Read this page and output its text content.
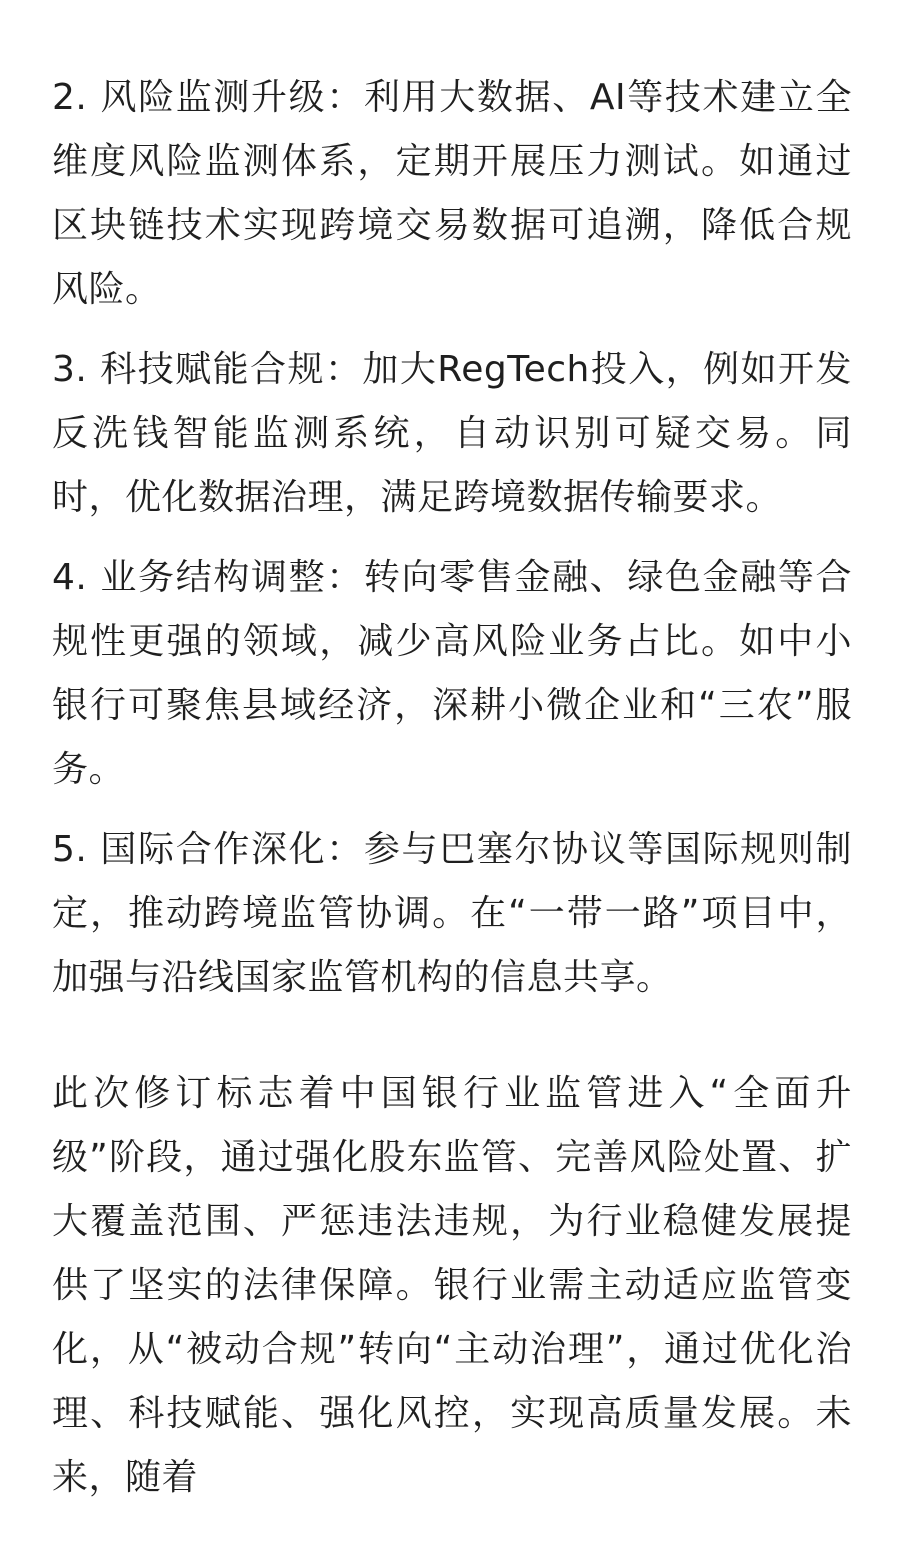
2. 风险监测升级：利用大数据、AI等技术建立全维度风险监测体系，定期开展压力测试。如通过区块链技术实现跨境交易数据可追溯，降低合规风险。

3. 科技赋能合规：加大RegTech投入，例如开发反洗钱智能监测系统，自动识别可疑交易。同时，优化数据治理，满足跨境数据传输要求。

4. 业务结构调整：转向零售金融、绿色金融等合规性更强的领域，减少高风险业务占比。如中小银行可聚焦县域经济，深耕小微企业和“三农”服务。

5. 国际合作深化：参与巴塞尔协议等国际规则制定，推动跨境监管协调。在“一带一路”项目中，加强与沿线国家监管机构的信息共享。

此次修订标志着中国银行业监管进入“全面升级”阶段，通过强化股东监管、完善风险处置、扩大覆盖范围、严惩违法违规，为行业稳健发展提供了坚实的法律保障。银行业需主动适应监管变化，从“被动合规”转向“主动治理”，通过优化治理、科技赋能、强化风控，实现高质量发展。未来，随着
